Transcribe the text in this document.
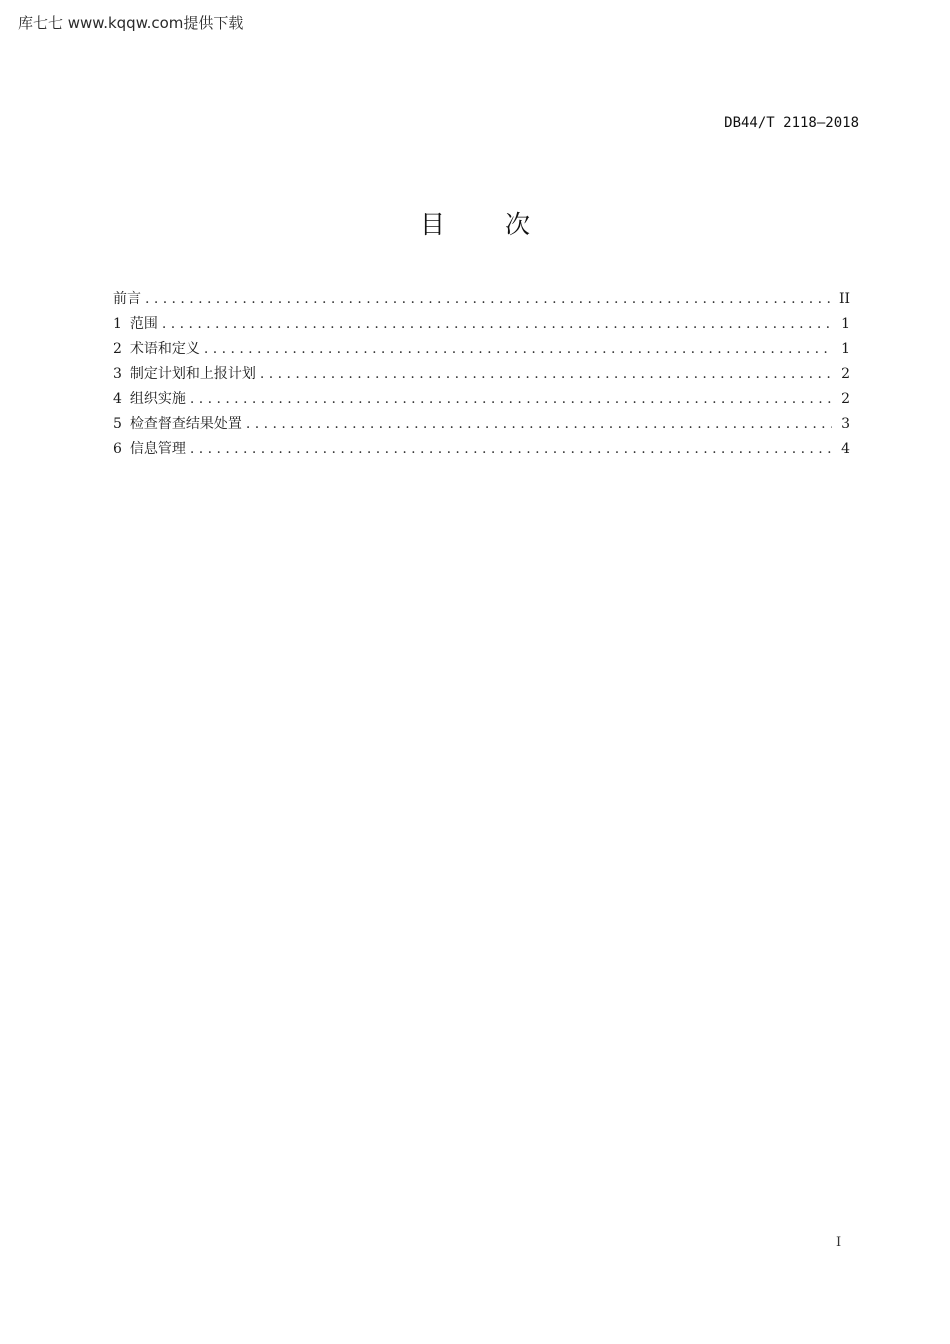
库七七 www.kqqw.com提供下载
DB44/T 2118—2018
目 次
前言 .....	II
1 范围 .....	1
2 术语和定义 .....	1
3 制定计划和上报计划 .....	2
4 组织实施 .....	2
5 检查督查结果处置 .....	3
6 信息管理 .....	4
I
